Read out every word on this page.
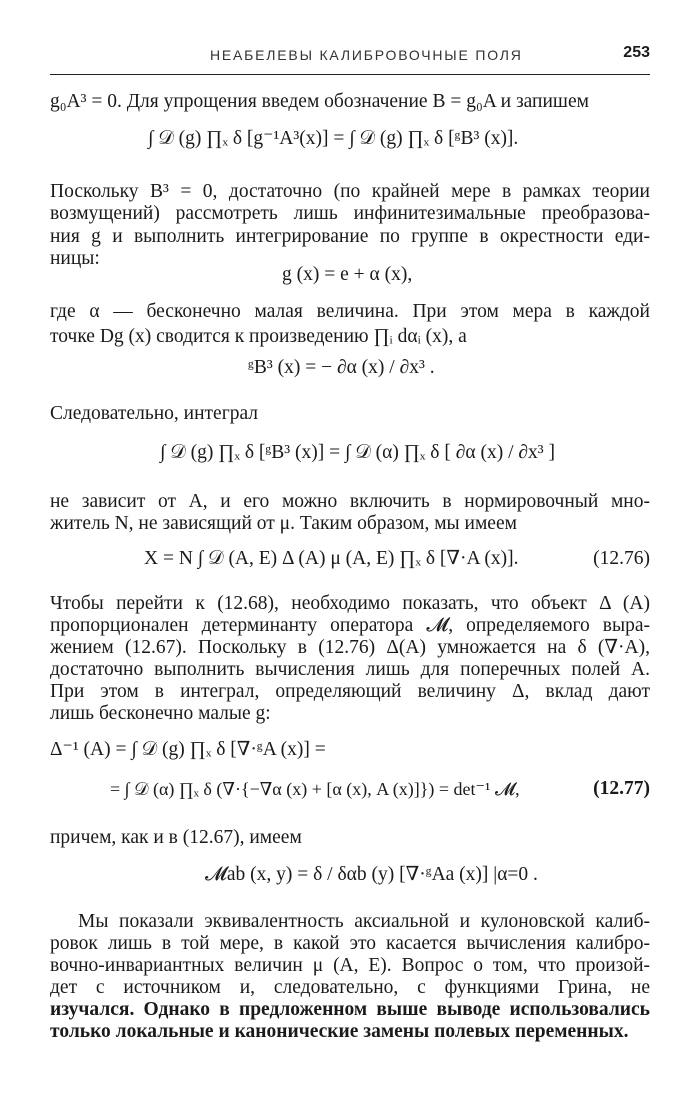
НЕАБЕЛЕВЫ КАЛИБРОВОЧНЫЕ ПОЛЯ	253
g₀A³ = 0. Для упрощения введем обозначение B = g₀A и запишем
∫ 𝒟 (g) ∏ₓ δ [g⁻¹A³(x)] = ∫ 𝒟 (g) ∏ₓ δ [ᵍB³ (x)].
Поскольку B³ = 0, достаточно (по крайней мере в рамках теории
возмущений) рассмотреть лишь инфинитезимальные преобразова-
ния g и выполнить интегрирование по группе в окрестности еди-
ницы:
g (x) = e + α (x),
где α — бесконечно малая величина. При этом мера в каждой
точке Dg (x) сводится к произведению ∏ᵢ dαᵢ (x), а
ᵍB³ (x) = − ∂α (x) / ∂x³ .
Следовательно, интеграл
∫ 𝒟 (g) ∏ₓ δ [ᵍB³ (x)] = ∫ 𝒟 (α) ∏ₓ δ [ ∂α (x) / ∂x³ ]
не зависит от A, и его можно включить в нормировочный мно-
житель N, не зависящий от μ. Таким образом, мы имеем
X = N ∫ 𝒟 (A, E) Δ (A) μ (A, E) ∏ₓ δ [∇·A (x)].	(12.76)
Чтобы перейти к (12.68), необходимо показать, что объект Δ (A)
пропорционален детерминанту оператора 𝓜, определяемого выра-
жением (12.67). Поскольку в (12.76) Δ(A) умножается на δ (∇·A),
достаточно выполнить вычисления лишь для поперечных полей A.
При этом в интеграл, определяющий величину Δ, вклад дают
лишь бесконечно малые g:
Δ⁻¹ (A) = ∫ 𝒟 (g) ∏ₓ δ [∇·ᵍA (x)] =
= ∫ 𝒟 (α) ∏ₓ δ (∇·{−∇α (x) + [α (x), A (x)]}) = det⁻¹ 𝓜,	(12.77)
причем, как и в (12.67), имеем
𝓜ab (x, y) = δ / δαb (y) [∇·ᵍAa (x)] |α=0 .
Мы показали эквивалентность аксиальной и кулоновской калиб-
ровок лишь в той мере, в какой это касается вычисления калибро-
вочно-инвариантных величин μ (A, E). Вопрос о том, что произой-
дет с источником и, следовательно, с функциями Грина, не
изучался. Однако в предложенном выше выводе использовались
только локальные и канонические замены полевых переменных.
